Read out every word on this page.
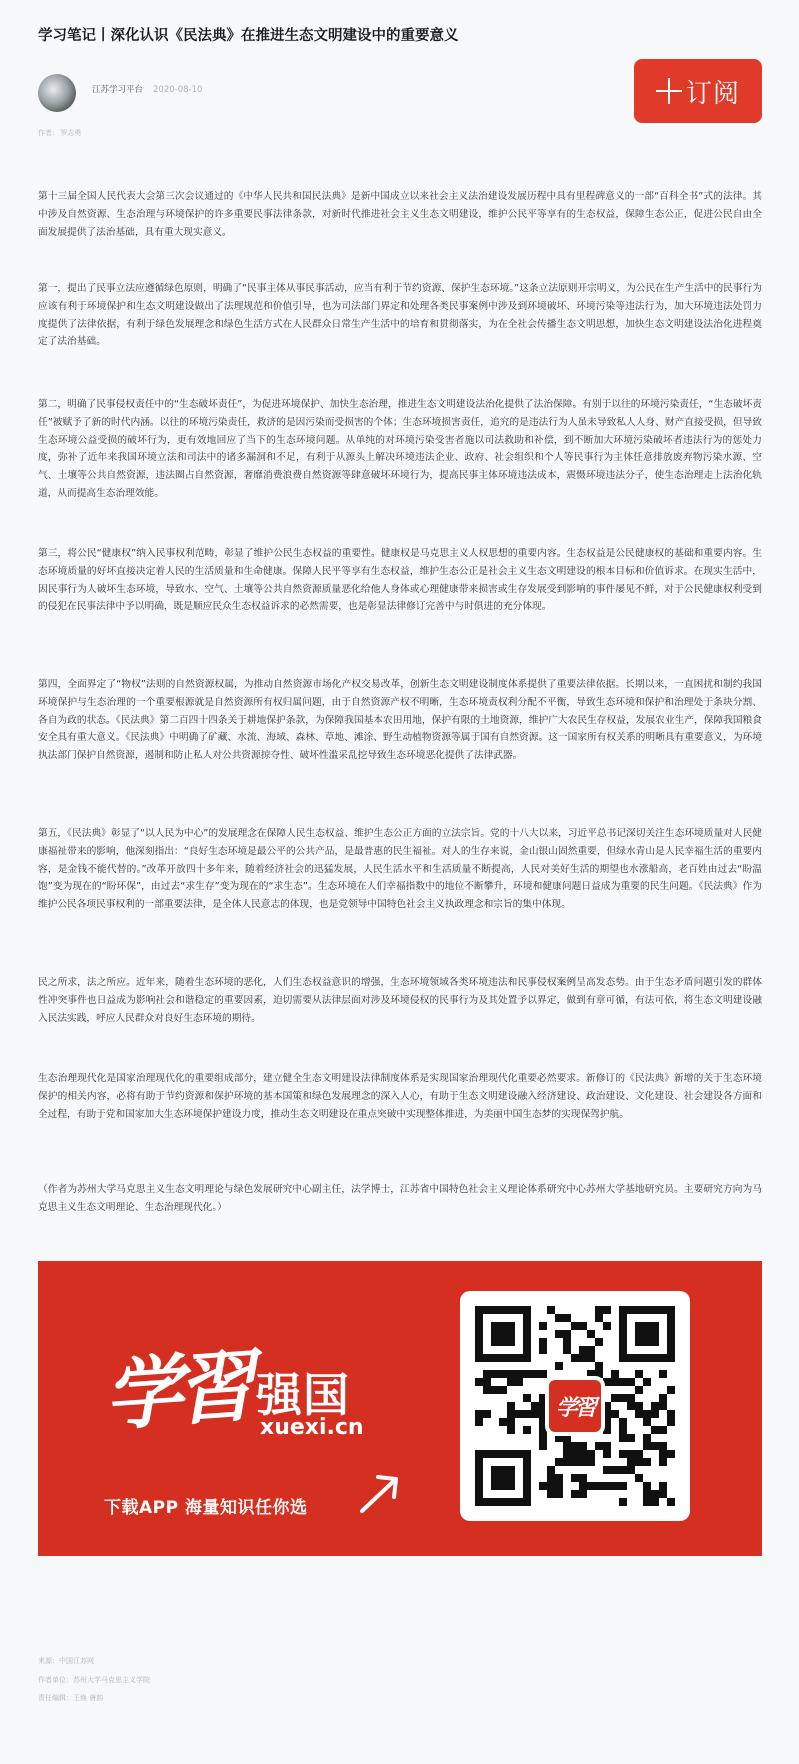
学习笔记丨深化认识《民法典》在推进生态文明建设中的重要意义
江苏学习平台 2020-08-10
作者: 罗志勇
订阅

第十三届全国人民代表大会第三次会议通过的《中华人民共和国民法典》是新中国成立以来社会主义法治建设发展历程中具有里程碑意义的一部“百科全书”式的法律。其中涉及自然资源、生态治理与环境保护的许多重要民事法律条款，对新时代推进社会主义生态文明建设，维护公民平等享有的生态权益，保障生态公正，促进公民自由全面发展提供了法治基础，具有重大现实意义。

第一，提出了民事立法应遵循绿色原则，明确了“民事主体从事民事活动，应当有利于节约资源、保护生态环境。”这条立法原则开宗明义，为公民在生产生活中的民事行为应该有利于环境保护和生态文明建设做出了法理规范和价值引导，也为司法部门界定和处理各类民事案例中涉及到环境破坏、环境污染等违法行为，加大环境违法处罚力度提供了法律依据，有利于绿色发展理念和绿色生活方式在人民群众日常生产生活中的培育和贯彻落实，为在全社会传播生态文明思想，加快生态文明建设法治化进程奠定了法治基础。

第二，明确了民事侵权责任中的“生态破坏责任”，为促进环境保护、加快生态治理，推进生态文明建设法治化提供了法治保障。有别于以往的环境污染责任，“生态破坏责任”被赋予了新的时代内涵。以往的环境污染责任，救济的是因污染而受损害的个体；生态环境损害责任，追究的是违法行为人虽未导致私人人身、财产直接受损，但导致生态环境公益受损的破坏行为，更有效地回应了当下的生态环境问题。从单纯的对环境污染受害者施以司法救助和补偿，到不断加大环境污染破坏者违法行为的惩处力度，弥补了近年来我国环境立法和司法中的诸多漏洞和不足，有利于从源头上解决环境违法企业、政府、社会组织和个人等民事行为主体任意排放废弃物污染水源、空气、土壤等公共自然资源，违法圈占自然资源，奢靡消费浪费自然资源等肆意破坏环境行为，提高民事主体环境违法成本，震慑环境违法分子，使生态治理走上法治化轨道，从而提高生态治理效能。

第三，将公民“健康权”纳入民事权利范畴，彰显了维护公民生态权益的重要性。健康权是马克思主义人权思想的重要内容。生态权益是公民健康权的基础和重要内容。生态环境质量的好坏直接决定着人民的生活质量和生命健康。保障人民平等享有生态权益，维护生态公正是社会主义生态文明建设的根本目标和价值诉求。在现实生活中，因民事行为人破坏生态环境，导致水、空气、土壤等公共自然资源质量恶化给他人身体或心理健康带来损害或生存发展受到影响的事件屡见不鲜，对于公民健康权利受到的侵犯在民事法律中予以明确，既是顺应民众生态权益诉求的必然需要，也是彰显法律修订完善中与时俱进的充分体现。

第四，全面界定了“物权”法则的自然资源权属，为推动自然资源市场化产权交易改革，创新生态文明建设制度体系提供了重要法律依据。长期以来，一直困扰和制约我国环境保护与生态治理的一个重要根源就是自然资源所有权归属问题，由于自然资源产权不明晰，生态环境责权利分配不平衡，导致生态环境和保护和治理处于条块分割、各自为政的状态。《民法典》第二百四十四条关于耕地保护条款，为保障我国基本农田用地，保护有限的土地资源，维护广大农民生存权益，发展农业生产，保障我国粮食安全具有重大意义。《民法典》中明确了矿藏、水流、海域、森林、草地、滩涂、野生动植物资源等属于国有自然资源。这一国家所有权关系的明晰具有重要意义，为环境执法部门保护自然资源，遏制和防止私人对公共资源掠夺性、破坏性滥采乱挖导致生态环境恶化提供了法律武器。

第五，《民法典》彰显了“以人民为中心”的发展理念在保障人民生态权益、维护生态公正方面的立法宗旨。党的十八大以来，习近平总书记深切关注生态环境质量对人民健康福祉带来的影响，他深刻指出：“良好生态环境是最公平的公共产品，是最普惠的民生福祉。对人的生存来说，金山银山固然重要，但绿水青山是人民幸福生活的重要内容，是金钱不能代替的。”改革开放四十多年来，随着经济社会的迅猛发展，人民生活水平和生活质量不断提高，人民对美好生活的期望也水涨船高，老百姓由过去“盼温饱”变为现在的“盼环保”，由过去“求生存”变为现在的“求生态”。生态环境在人们幸福指数中的地位不断攀升，环境和健康问题日益成为重要的民生问题。《民法典》作为维护公民各项民事权利的一部重要法律，是全体人民意志的体现，也是党领导中国特色社会主义执政理念和宗旨的集中体现。

民之所求，法之所应。近年来，随着生态环境的恶化，人们生态权益意识的增强，生态环境领域各类环境违法和民事侵权案例呈高发态势。由于生态矛盾问题引发的群体性冲突事件也日益成为影响社会和谐稳定的重要因素，迫切需要从法律层面对涉及环境侵权的民事行为及其处置予以界定，做到有章可循，有法可依，将生态文明建设融入民法实践，呼应人民群众对良好生态环境的期待。

生态治理现代化是国家治理现代化的重要组成部分，建立健全生态文明建设法律制度体系是实现国家治理现代化重要必然要求。新修订的《民法典》新增的关于生态环境保护的相关内容，必将有助于节约资源和保护环境的基本国策和绿色发展理念的深入人心，有助于生态文明建设融入经济建设、政治建设、文化建设、社会建设各方面和全过程，有助于党和国家加大生态环境保护建设力度，推动生态文明建设在重点突破中实现整体推进，为美丽中国生态梦的实现保驾护航。

（作者为苏州大学马克思主义生态文明理论与绿色发展研究中心副主任，法学博士，江苏省中国特色社会主义理论体系研究中心苏州大学基地研究员。主要研究方向为马克思主义生态文明理论、生态治理现代化。）

学習 强国
xuexi.cn
下载APP 海量知识任你选
学習
来源：中国江苏网
作者单位：苏州大学马克思主义学院
责任编辑：王焕 唐韵
